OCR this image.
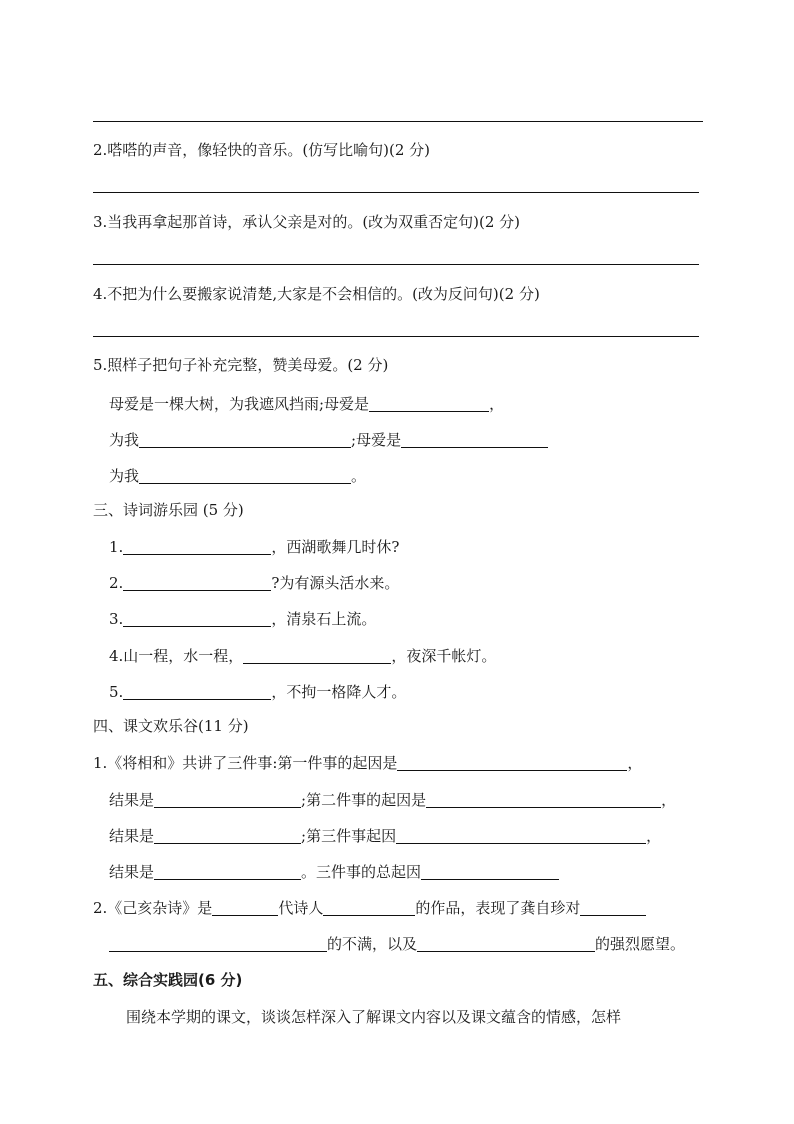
2.嗒嗒的声音，像轻快的音乐。(仿写比喻句)(2 分)
3.当我再拿起那首诗，承认父亲是对的。(改为双重否定句)(2 分)
4.不把为什么要搬家说清楚,大家是不会相信的。(改为反问句)(2 分)
5.照样子把句子补充完整，赞美母爱。(2 分)
母爱是一棵大树，为我遮风挡雨;母爱是	，
为我	;母爱是
为我	。
三、诗词游乐园 (5 分)
1.	，西湖歌舞几时休?
2.	?为有源头活水来。
3.	，清泉石上流。
4.山一程，水一程，	，夜深千帐灯。
5.	，不拘一格降人才。
四、课文欢乐谷(11 分)
1.《将相和》共讲了三件事:第一件事的起因是	，
结果是	;第二件事的起因是	，
结果是	;第三件事起因	，
结果是	。三件事的总起因
2.《己亥杂诗》是	代诗人	的作品，表现了龚自珍对
的不满，以及	的强烈愿望。
五、综合实践园(6 分)
围绕本学期的课文，谈谈怎样深入了解课文内容以及课文蕴含的情感，怎样
